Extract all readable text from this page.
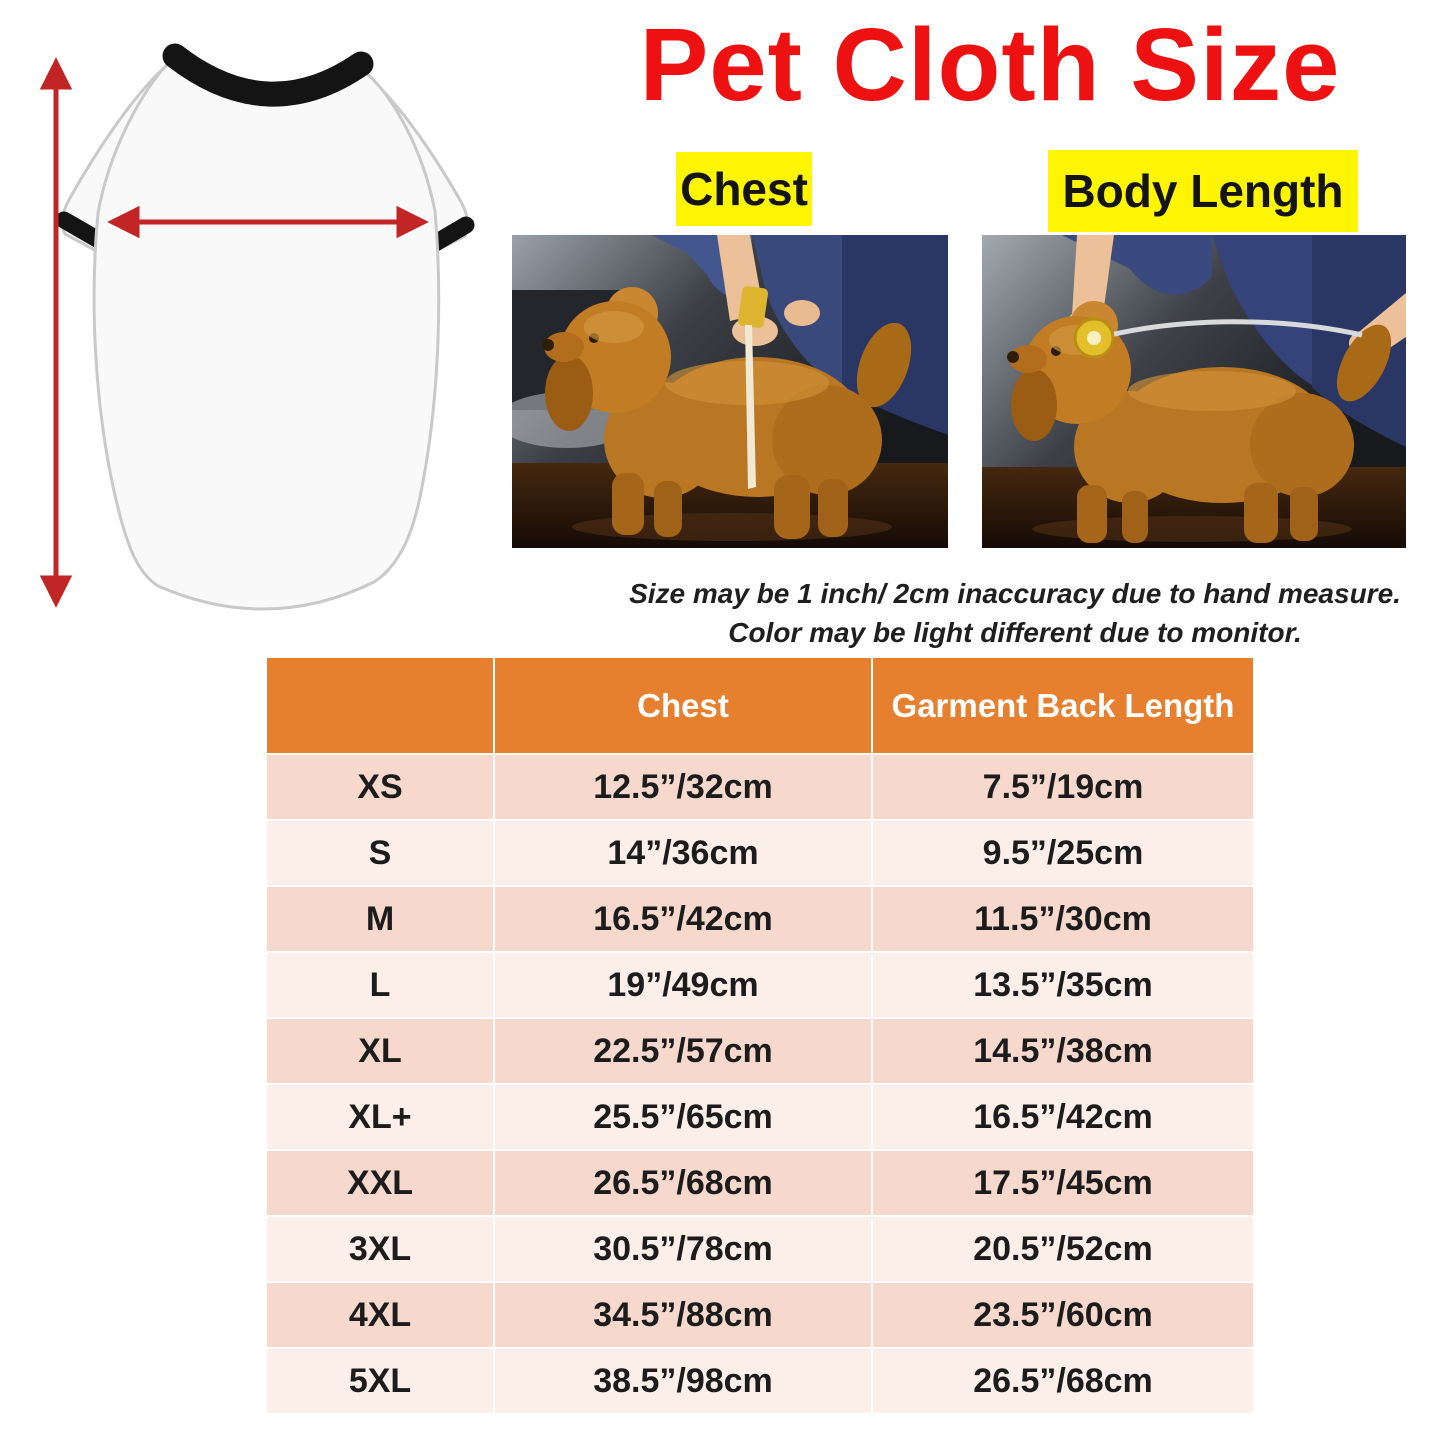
Pet Cloth Size
Chest	Body Length
Size may be 1 inch/ 2cm inaccuracy due to hand measure.
Color may be light different due to monitor.
	Chest	Garment Back Length
XS	12.5”/32cm	7.5”/19cm
S	14”/36cm	9.5”/25cm
M	16.5”/42cm	11.5”/30cm
L	19”/49cm	13.5”/35cm
XL	22.5”/57cm	14.5”/38cm
XL+	25.5”/65cm	16.5”/42cm
XXL	26.5”/68cm	17.5”/45cm
3XL	30.5”/78cm	20.5”/52cm
4XL	34.5”/88cm	23.5”/60cm
5XL	38.5”/98cm	26.5”/68cm
